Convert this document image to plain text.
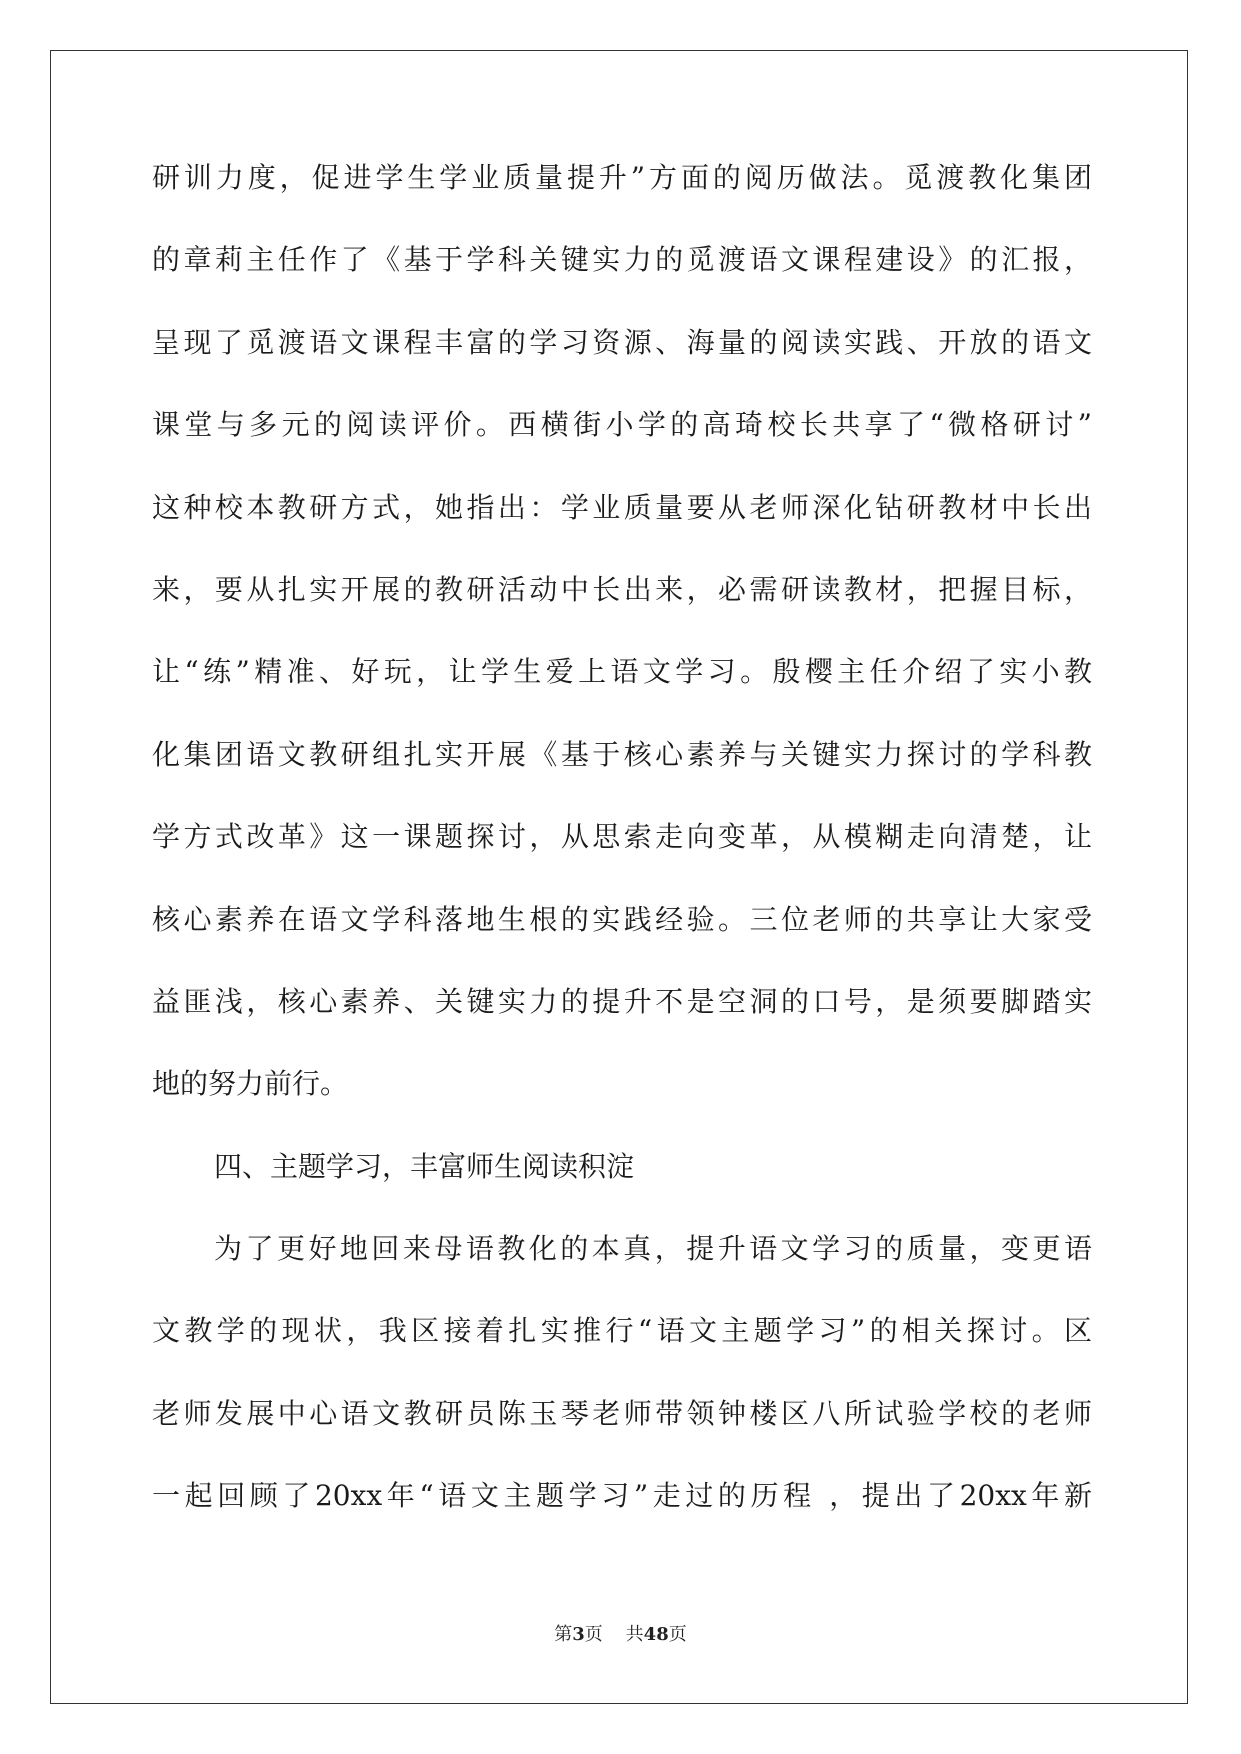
研训力度，促进学生学业质量提升”方面的阅历做法。觅渡教化集团
的章莉主任作了《基于学科关键实力的觅渡语文课程建设》的汇报，
呈现了觅渡语文课程丰富的学习资源、海量的阅读实践、开放的语文
课堂与多元的阅读评价。西横街小学的高琦校长共享了“微格研讨”
这种校本教研方式，她指出：学业质量要从老师深化钻研教材中长出
来，要从扎实开展的教研活动中长出来，必需研读教材，把握目标，
让“练”精准、好玩，让学生爱上语文学习。殷樱主任介绍了实小教
化集团语文教研组扎实开展《基于核心素养与关键实力探讨的学科教
学方式改革》这一课题探讨，从思索走向变革，从模糊走向清楚，让
核心素养在语文学科落地生根的实践经验。三位老师的共享让大家受
益匪浅，核心素养、关键实力的提升不是空洞的口号，是须要脚踏实
地的努力前行。
四、主题学习，丰富师生阅读积淀
为了更好地回来母语教化的本真，提升语文学习的质量，变更语
文教学的现状，我区接着扎实推行“语文主题学习”的相关探讨。区
老师发展中心语文教研员陈玉琴老师带领钟楼区八所试验学校的老师
一起回顾了20xx年“语文主题学习”走过的历程 ，提出了20xx年新
第3页 共48页
